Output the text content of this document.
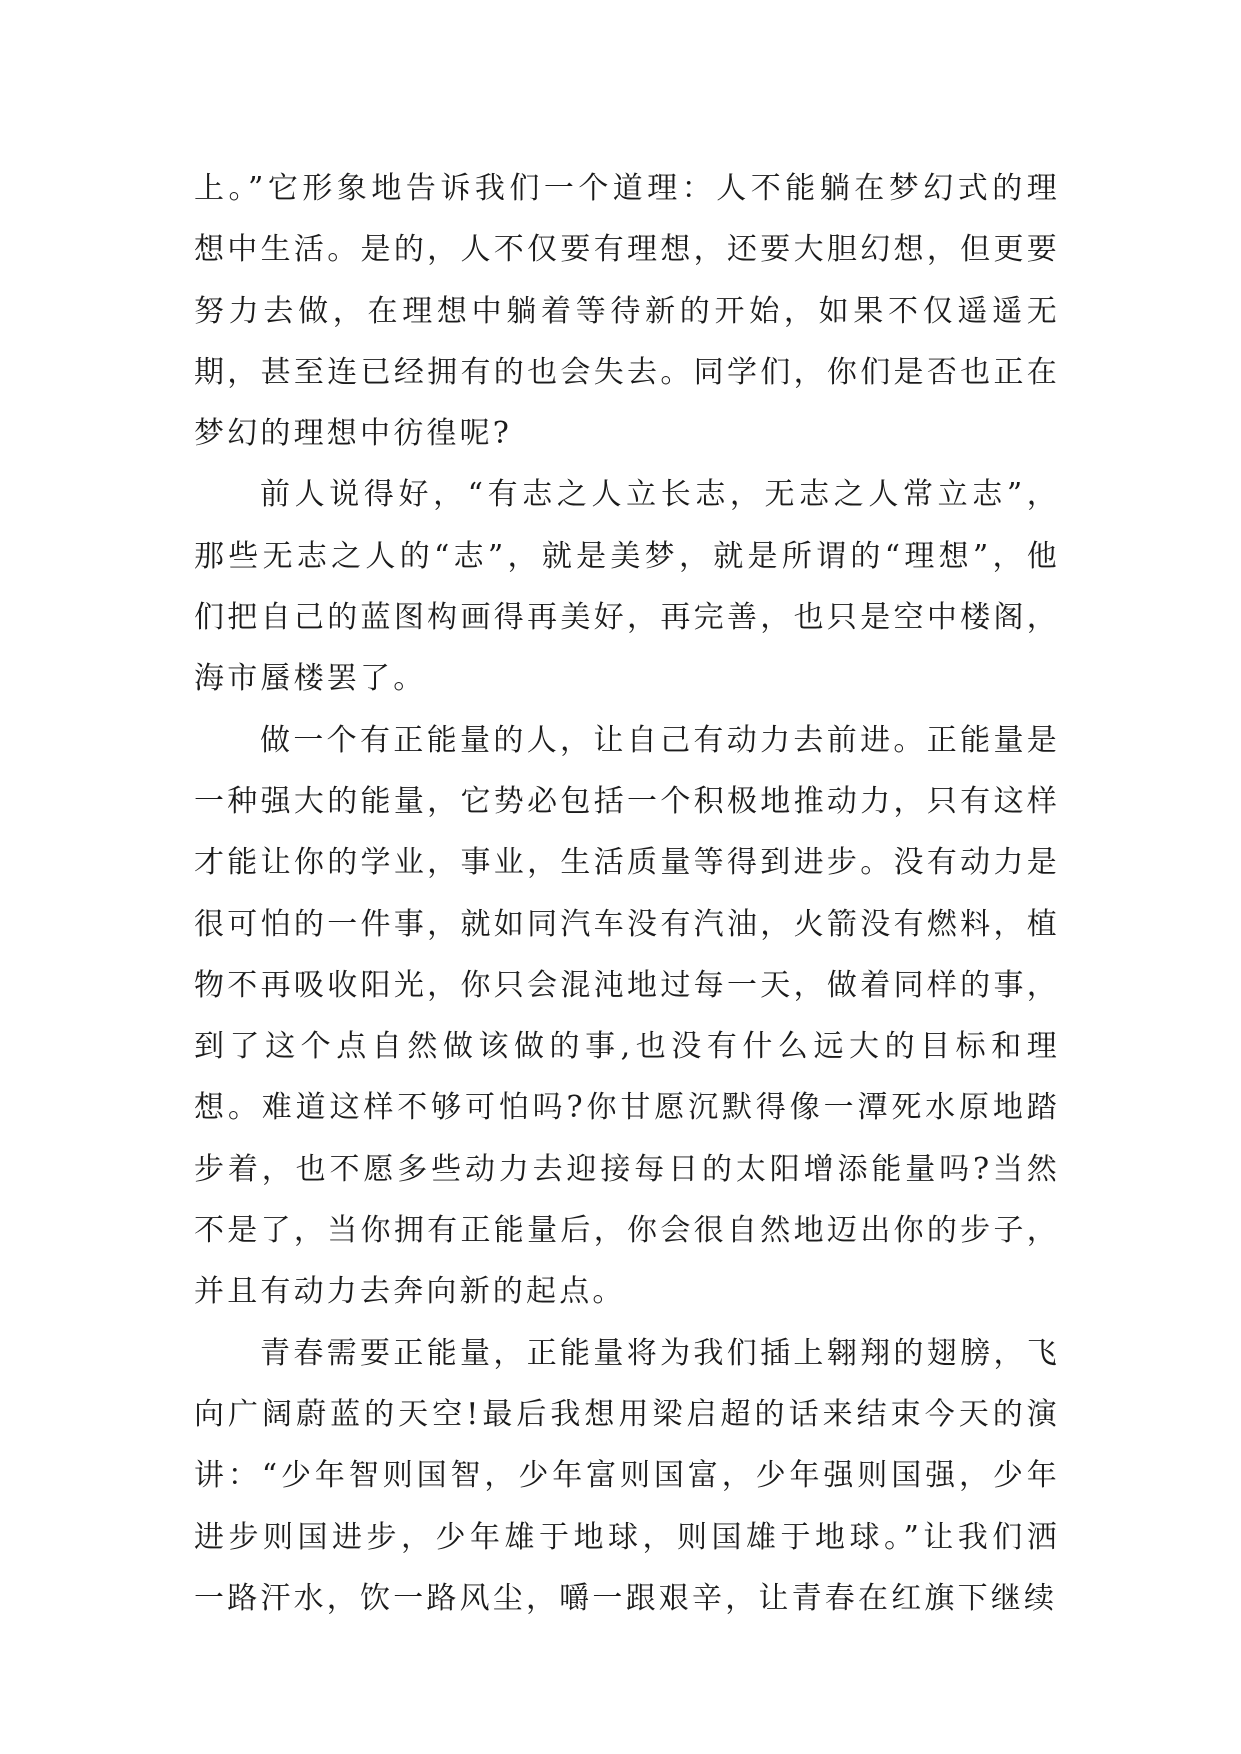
上。”它形象地告诉我们一个道理：人不能躺在梦幻式的理想中生活。是的，人不仅要有理想，还要大胆幻想，但更要努力去做，在理想中躺着等待新的开始，如果不仅遥遥无期，甚至连已经拥有的也会失去。同学们，你们是否也正在梦幻的理想中彷徨呢?

前人说得好，“有志之人立长志，无志之人常立志”，那些无志之人的“志”，就是美梦，就是所谓的“理想”，他们把自己的蓝图构画得再美好，再完善，也只是空中楼阁，海市蜃楼罢了。

做一个有正能量的人，让自己有动力去前进。正能量是一种强大的能量，它势必包括一个积极地推动力，只有这样才能让你的学业，事业，生活质量等得到进步。没有动力是很可怕的一件事，就如同汽车没有汽油，火箭没有燃料，植物不再吸收阳光，你只会混沌地过每一天，做着同样的事，到了这个点自然做该做的事,也没有什么远大的目标和理想。难道这样不够可怕吗?你甘愿沉默得像一潭死水原地踏步着，也不愿多些动力去迎接每日的太阳增添能量吗?当然不是了，当你拥有正能量后，你会很自然地迈出你的步子，并且有动力去奔向新的起点。

青春需要正能量，正能量将为我们插上翱翔的翅膀，飞向广阔蔚蓝的天空!最后我想用梁启超的话来结束今天的演讲：“少年智则国智，少年富则国富，少年强则国强，少年进步则国进步，少年雄于地球，则国雄于地球。”让我们洒一路汗水，饮一路风尘，嚼一跟艰辛，让青春在红旗下继续
